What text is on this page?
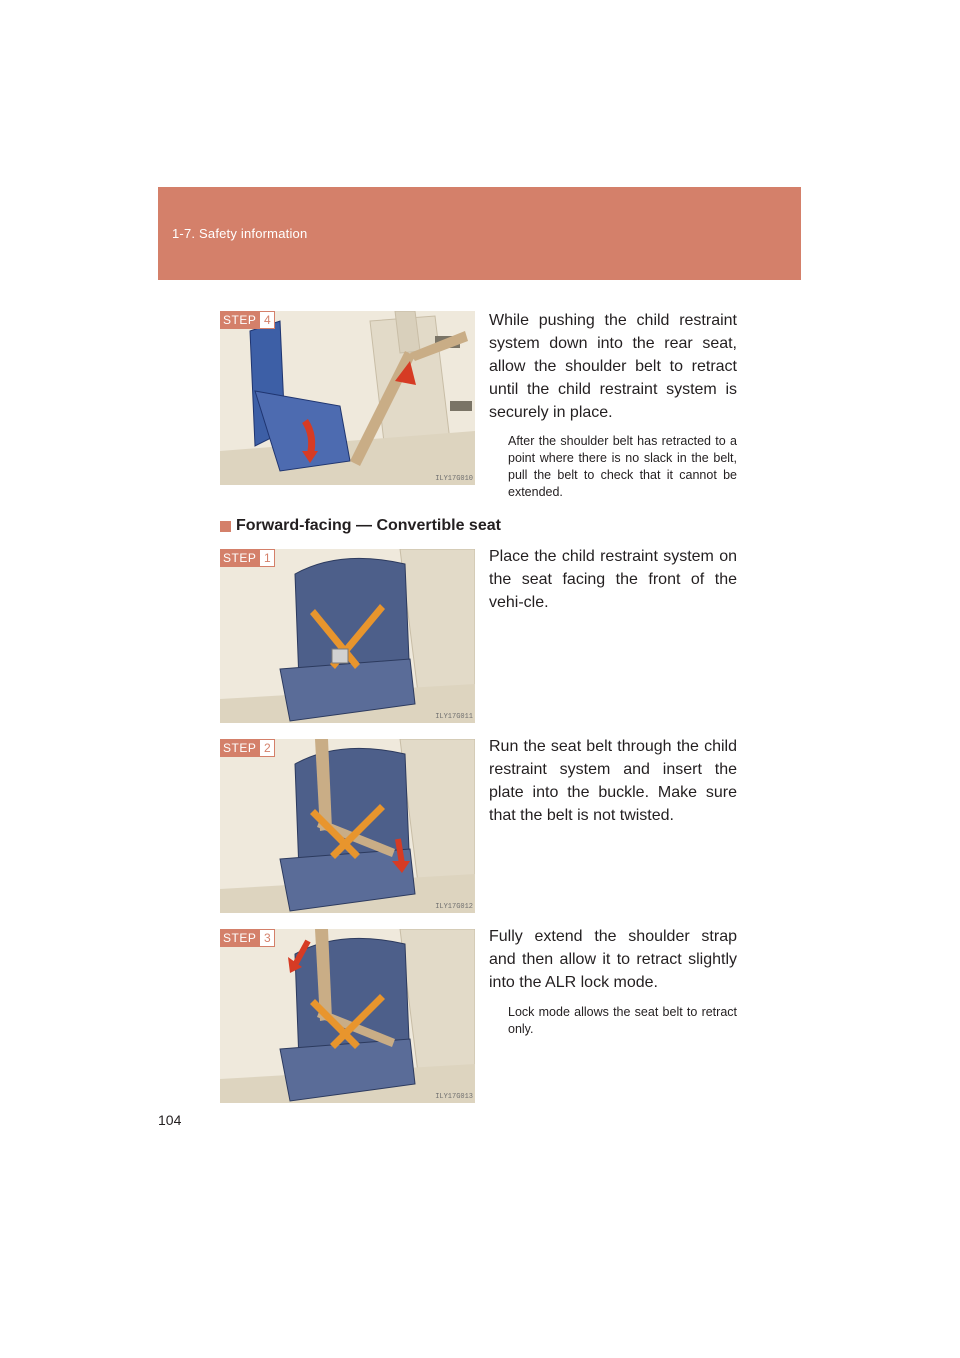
1-7. Safety information
STEP 4
ILY17G010

While pushing the child restraint system down into the rear seat, allow the shoulder belt to retract until the child restraint system is securely in place.

After the shoulder belt has retracted to a point where there is no slack in the belt, pull the belt to check that it cannot be extended.

Forward-facing — Convertible seat
STEP 1
ILY17G011

Place the child restraint system on the seat facing the front of the vehi-cle.

STEP 2
ILY17G012

Run the seat belt through the child restraint system and insert the plate into the buckle. Make sure that the belt is not twisted.

STEP 3
ILY17G013

Fully extend the shoulder strap and then allow it to retract slightly into the ALR lock mode.

Lock mode allows the seat belt to retract only.

104
